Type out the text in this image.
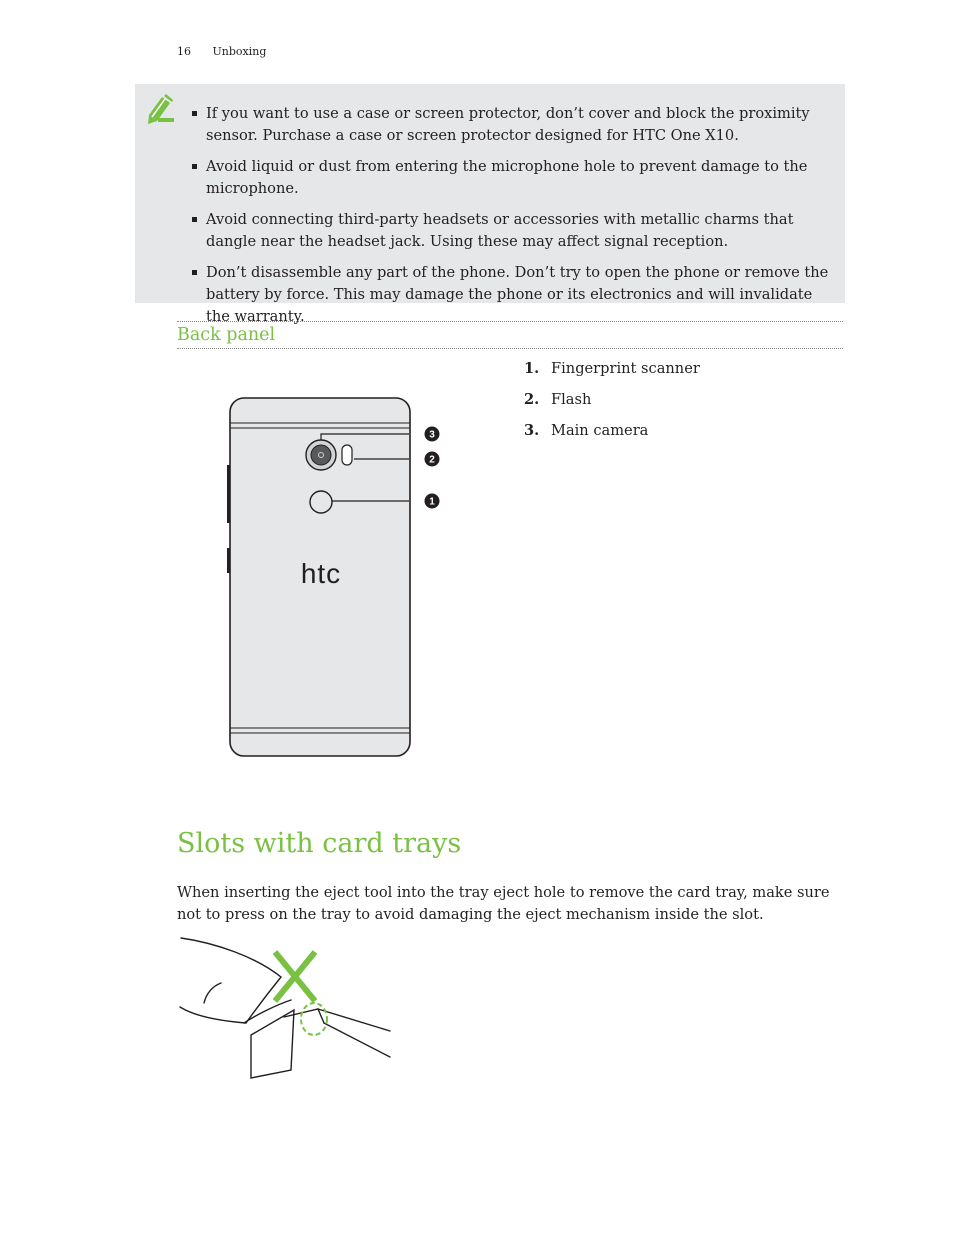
16 Unboxing
If you want to use a case or screen protector, don’t cover and block the proximity sensor. Purchase a case or screen protector designed for HTC One X10.
Avoid liquid or dust from entering the microphone hole to prevent damage to the microphone.
Avoid connecting third-party headsets or accessories with metallic charms that dangle near the headset jack. Using these may affect signal reception.
Don’t disassemble any part of the phone. Don’t try to open the phone or remove the battery by force. This may damage the phone or its electronics and will invalidate the warranty.
Back panel
1. Fingerprint scanner
2. Flash
3. Main camera
3
2
1
htc
Slots with card trays

When inserting the eject tool into the tray eject hole to remove the card tray, make sure not to press on the tray to avoid damaging the eject mechanism inside the slot.
